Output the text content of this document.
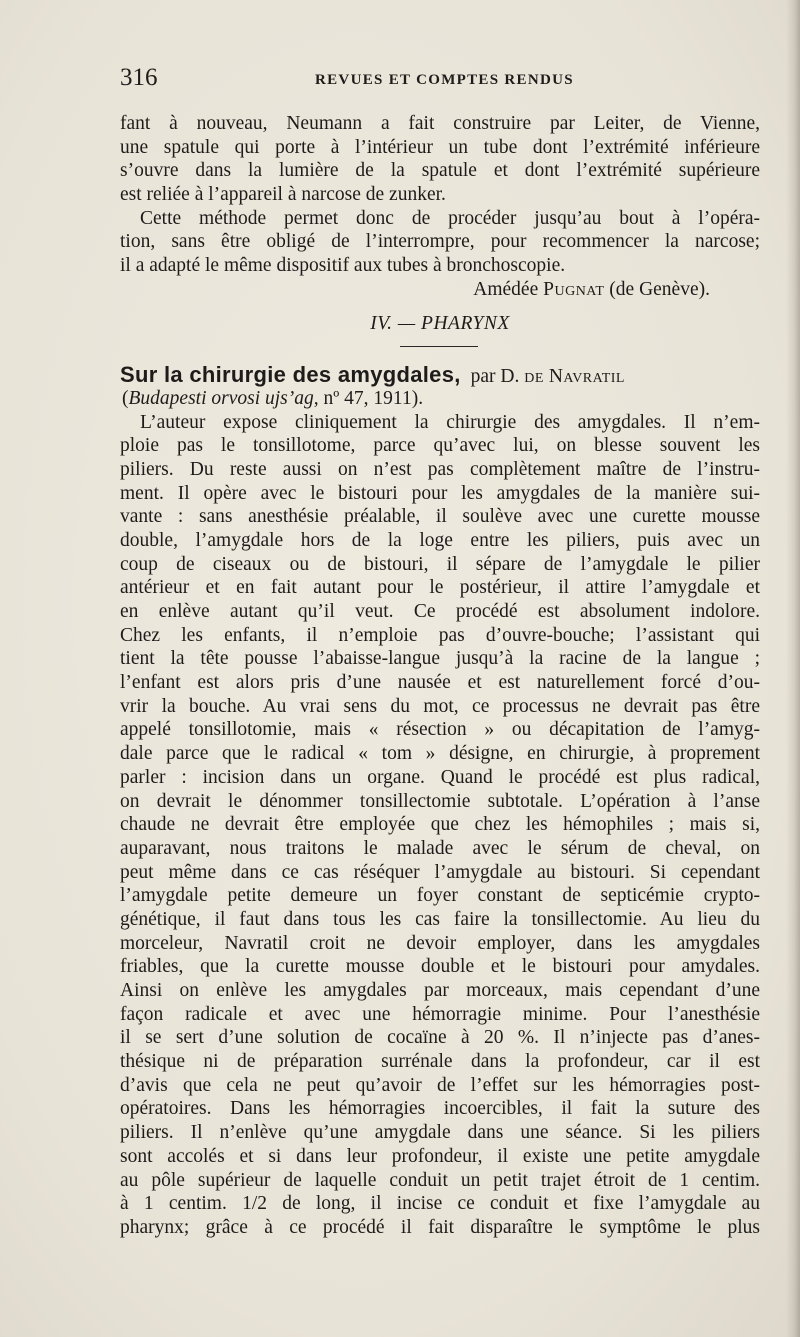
316	REVUES ET COMPTES RENDUS
fant à nouveau, Neumann a fait construire par Leiter, de Vienne,
une spatule qui porte à l’intérieur un tube dont l’extrémité inférieure
s’ouvre dans la lumière de la spatule et dont l’extrémité supérieure
est reliée à l’appareil à narcose de zunker.
Cette méthode permet donc de procéder jusqu’au bout à l’opéra-
tion, sans être obligé de l’interrompre, pour recommencer la narcose;
il a adapté le même dispositif aux tubes à bronchoscopie.
Amédée Pugnat (de Genève).
IV. — PHARYNX
Sur la chirurgie des amygdales, par D. de Navratil
(Budapesti orvosi ujs’ag, nº 47, 1911).
L’auteur expose cliniquement la chirurgie des amygdales. Il n’em-
ploie pas le tonsillotome, parce qu’avec lui, on blesse souvent les
piliers. Du reste aussi on n’est pas complètement maître de l’instru-
ment. Il opère avec le bistouri pour les amygdales de la manière sui-
vante : sans anesthésie préalable, il soulève avec une curette mousse
double, l’amygdale hors de la loge entre les piliers, puis avec un
coup de ciseaux ou de bistouri, il sépare de l’amygdale le pilier
antérieur et en fait autant pour le postérieur, il attire l’amygdale et
en enlève autant qu’il veut. Ce procédé est absolument indolore.
Chez les enfants, il n’emploie pas d’ouvre-bouche; l’assistant qui
tient la tête pousse l’abaisse-langue jusqu’à la racine de la langue ;
l’enfant est alors pris d’une nausée et est naturellement forcé d’ou-
vrir la bouche. Au vrai sens du mot, ce processus ne devrait pas être
appelé tonsillotomie, mais « résection » ou décapitation de l’amyg-
dale parce que le radical « tom » désigne, en chirurgie, à proprement
parler : incision dans un organe. Quand le procédé est plus radical,
on devrait le dénommer tonsillectomie subtotale. L’opération à l’anse
chaude ne devrait être employée que chez les hémophiles ; mais si,
auparavant, nous traitons le malade avec le sérum de cheval, on
peut même dans ce cas réséquer l’amygdale au bistouri. Si cependant
l’amygdale petite demeure un foyer constant de septicémie crypto-
génétique, il faut dans tous les cas faire la tonsillectomie. Au lieu du
morceleur, Navratil croit ne devoir employer, dans les amygdales
friables, que la curette mousse double et le bistouri pour amydales.
Ainsi on enlève les amygdales par morceaux, mais cependant d’une
façon radicale et avec une hémorragie minime. Pour l’anesthésie
il se sert d’une solution de cocaïne à 20 %. Il n’injecte pas d’anes-
thésique ni de préparation surrénale dans la profondeur, car il est
d’avis que cela ne peut qu’avoir de l’effet sur les hémorragies post-
opératoires. Dans les hémorragies incoercibles, il fait la suture des
piliers. Il n’enlève qu’une amygdale dans une séance. Si les piliers
sont accolés et si dans leur profondeur, il existe une petite amygdale
au pôle supérieur de laquelle conduit un petit trajet étroit de 1 centim.
à 1 centim. 1/2 de long, il incise ce conduit et fixe l’amygdale au
pharynx; grâce à ce procédé il fait disparaître le symptôme le plus
